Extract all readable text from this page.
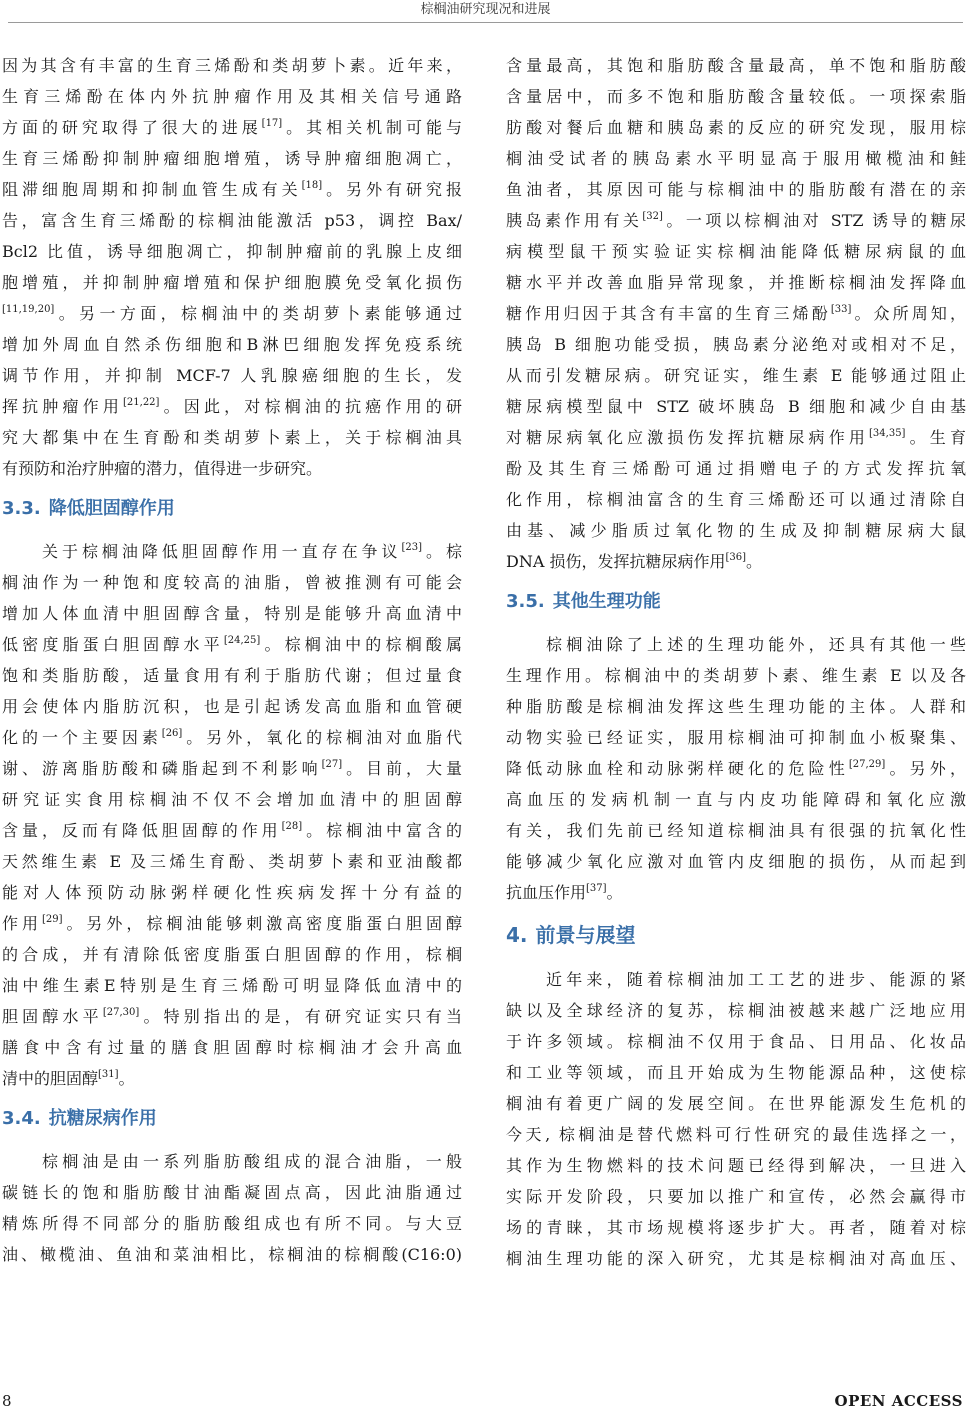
棕榈油研究现况和进展
因为其含有丰富的生育三烯酚和类胡萝卜素。近年来，
生育三烯酚在体内外抗肿瘤作用及其相关信号通路
方面的研究取得了很大的进展[17]。其相关机制可能与
生育三烯酚抑制肿瘤细胞增殖，诱导肿瘤细胞凋亡，
阻滞细胞周期和抑制血管生成有关[18]。另外有研究报
告，富含生育三烯酚的棕榈油能激活 p53，调控 Bax/
Bcl2 比值，诱导细胞凋亡，抑制肿瘤前的乳腺上皮细
胞增殖，并抑制肿瘤增殖和保护细胞膜免受氧化损伤
[11,19,20]。另一方面，棕榈油中的类胡萝卜素能够通过
增加外周血自然杀伤细胞和B淋巴细胞发挥免疫系统
调节作用，并抑制 MCF-7 人乳腺癌细胞的生长，发
挥抗肿瘤作用[21,22]。因此，对棕榈油的抗癌作用的研
究大都集中在生育酚和类胡萝卜素上，关于棕榈油具
有预防和治疗肿瘤的潜力，值得进一步研究。
3.3. 降低胆固醇作用
关于棕榈油降低胆固醇作用一直存在争议[23]。棕
榈油作为一种饱和度较高的油脂，曾被推测有可能会
增加人体血清中胆固醇含量，特别是能够升高血清中
低密度脂蛋白胆固醇水平[24,25]。棕榈油中的棕榈酸属
饱和类脂肪酸，适量食用有利于脂肪代谢；但过量食
用会使体内脂肪沉积，也是引起诱发高血脂和血管硬
化的一个主要因素[26]。另外，氧化的棕榈油对血脂代
谢、游离脂肪酸和磷脂起到不利影响[27]。目前，大量
研究证实食用棕榈油不仅不会增加血清中的胆固醇
含量，反而有降低胆固醇的作用[28]。棕榈油中富含的
天然维生素 E 及三烯生育酚、类胡萝卜素和亚油酸都
能对人体预防动脉粥样硬化性疾病发挥十分有益的
作用[29]。另外，棕榈油能够刺激高密度脂蛋白胆固醇
的合成，并有清除低密度脂蛋白胆固醇的作用，棕榈
油中维生素E特别是生育三烯酚可明显降低血清中的
胆固醇水平[27,30]。特别指出的是，有研究证实只有当
膳食中含有过量的膳食胆固醇时棕榈油才会升高血
清中的胆固醇[31]。
3.4. 抗糖尿病作用
棕榈油是由一系列脂肪酸组成的混合油脂，一般
碳链长的饱和脂肪酸甘油酯凝固点高，因此油脂通过
精炼所得不同部分的脂肪酸组成也有所不同。与大豆
油、橄榄油、鱼油和菜油相比，棕榈油的棕榈酸(C16:0)
含量最高，其饱和脂肪酸含量最高，单不饱和脂肪酸
含量居中，而多不饱和脂肪酸含量较低。一项探索脂
肪酸对餐后血糖和胰岛素的反应的研究发现，服用棕
榈油受试者的胰岛素水平明显高于服用橄榄油和鲑
鱼油者，其原因可能与棕榈油中的脂肪酸有潜在的亲
胰岛素作用有关[32]。一项以棕榈油对 STZ 诱导的糖尿
病模型鼠干预实验证实棕榈油能降低糖尿病鼠的血
糖水平并改善血脂异常现象，并推断棕榈油发挥降血
糖作用归因于其含有丰富的生育三烯酚[33]。众所周知，
胰岛 B 细胞功能受损，胰岛素分泌绝对或相对不足，
从而引发糖尿病。研究证实，维生素 E 能够通过阻止
糖尿病模型鼠中 STZ 破坏胰岛 B 细胞和减少自由基
对糖尿病氧化应激损伤发挥抗糖尿病作用[34,35]。生育
酚及其生育三烯酚可通过捐赠电子的方式发挥抗氧
化作用，棕榈油富含的生育三烯酚还可以通过清除自
由基、减少脂质过氧化物的生成及抑制糖尿病大鼠
DNA 损伤，发挥抗糖尿病作用[36]。
3.5. 其他生理功能
棕榈油除了上述的生理功能外，还具有其他一些
生理作用。棕榈油中的类胡萝卜素、维生素 E 以及各
种脂肪酸是棕榈油发挥这些生理功能的主体。人群和
动物实验已经证实，服用棕榈油可抑制血小板聚集、
降低动脉血栓和动脉粥样硬化的危险性[27,29]。另外，
高血压的发病机制一直与内皮功能障碍和氧化应激
有关，我们先前已经知道棕榈油具有很强的抗氧化性
能够减少氧化应激对血管内皮细胞的损伤，从而起到
抗血压作用[37]。
4. 前景与展望
近年来，随着棕榈油加工工艺的进步、能源的紧
缺以及全球经济的复苏，棕榈油被越来越广泛地应用
于许多领域。棕榈油不仅用于食品、日用品、化妆品
和工业等领域，而且开始成为生物能源品种，这使棕
榈油有着更广阔的发展空间。在世界能源发生危机的
今天, 棕榈油是替代燃料可行性研究的最佳选择之一，
其作为生物燃料的技术问题已经得到解决，一旦进入
实际开发阶段，只要加以推广和宣传，必然会赢得市
场的青睐，其市场规模将逐步扩大。再者，随着对棕
榈油生理功能的深入研究，尤其是棕榈油对高血压、
8	OPEN ACCESS
